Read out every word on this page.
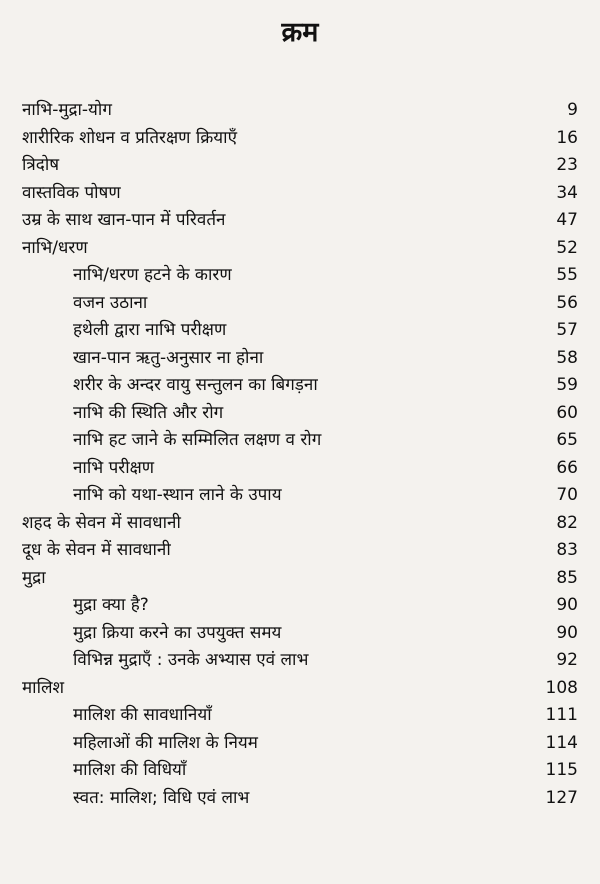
क्रम
नाभि-मुद्रा-योग	9
शारीरिक शोधन व प्रतिरक्षण क्रियाएँ	16
त्रिदोष	23
वास्तविक पोषण	34
उम्र के साथ खान-पान में परिवर्तन	47
नाभि/धरण	52
नाभि/धरण हटने के कारण	55
वजन उठाना	56
हथेली द्वारा नाभि परीक्षण	57
खान-पान ऋतु-अनुसार ना होना	58
शरीर के अन्दर वायु सन्तुलन का बिगड़ना	59
नाभि की स्थिति और रोग	60
नाभि हट जाने के सम्मिलित लक्षण व रोग	65
नाभि परीक्षण	66
नाभि को यथा-स्थान लाने के उपाय	70
शहद के सेवन में सावधानी	82
दूध के सेवन में सावधानी	83
मुद्रा	85
मुद्रा क्या है?	90
मुद्रा क्रिया करने का उपयुक्त समय	90
विभिन्न मुद्राएँ : उनके अभ्यास एवं लाभ	92
मालिश	108
मालिश की सावधानियाँ	111
महिलाओं की मालिश के नियम	114
मालिश की विधियाँ	115
स्वत: मालिश; विधि एवं लाभ	127
